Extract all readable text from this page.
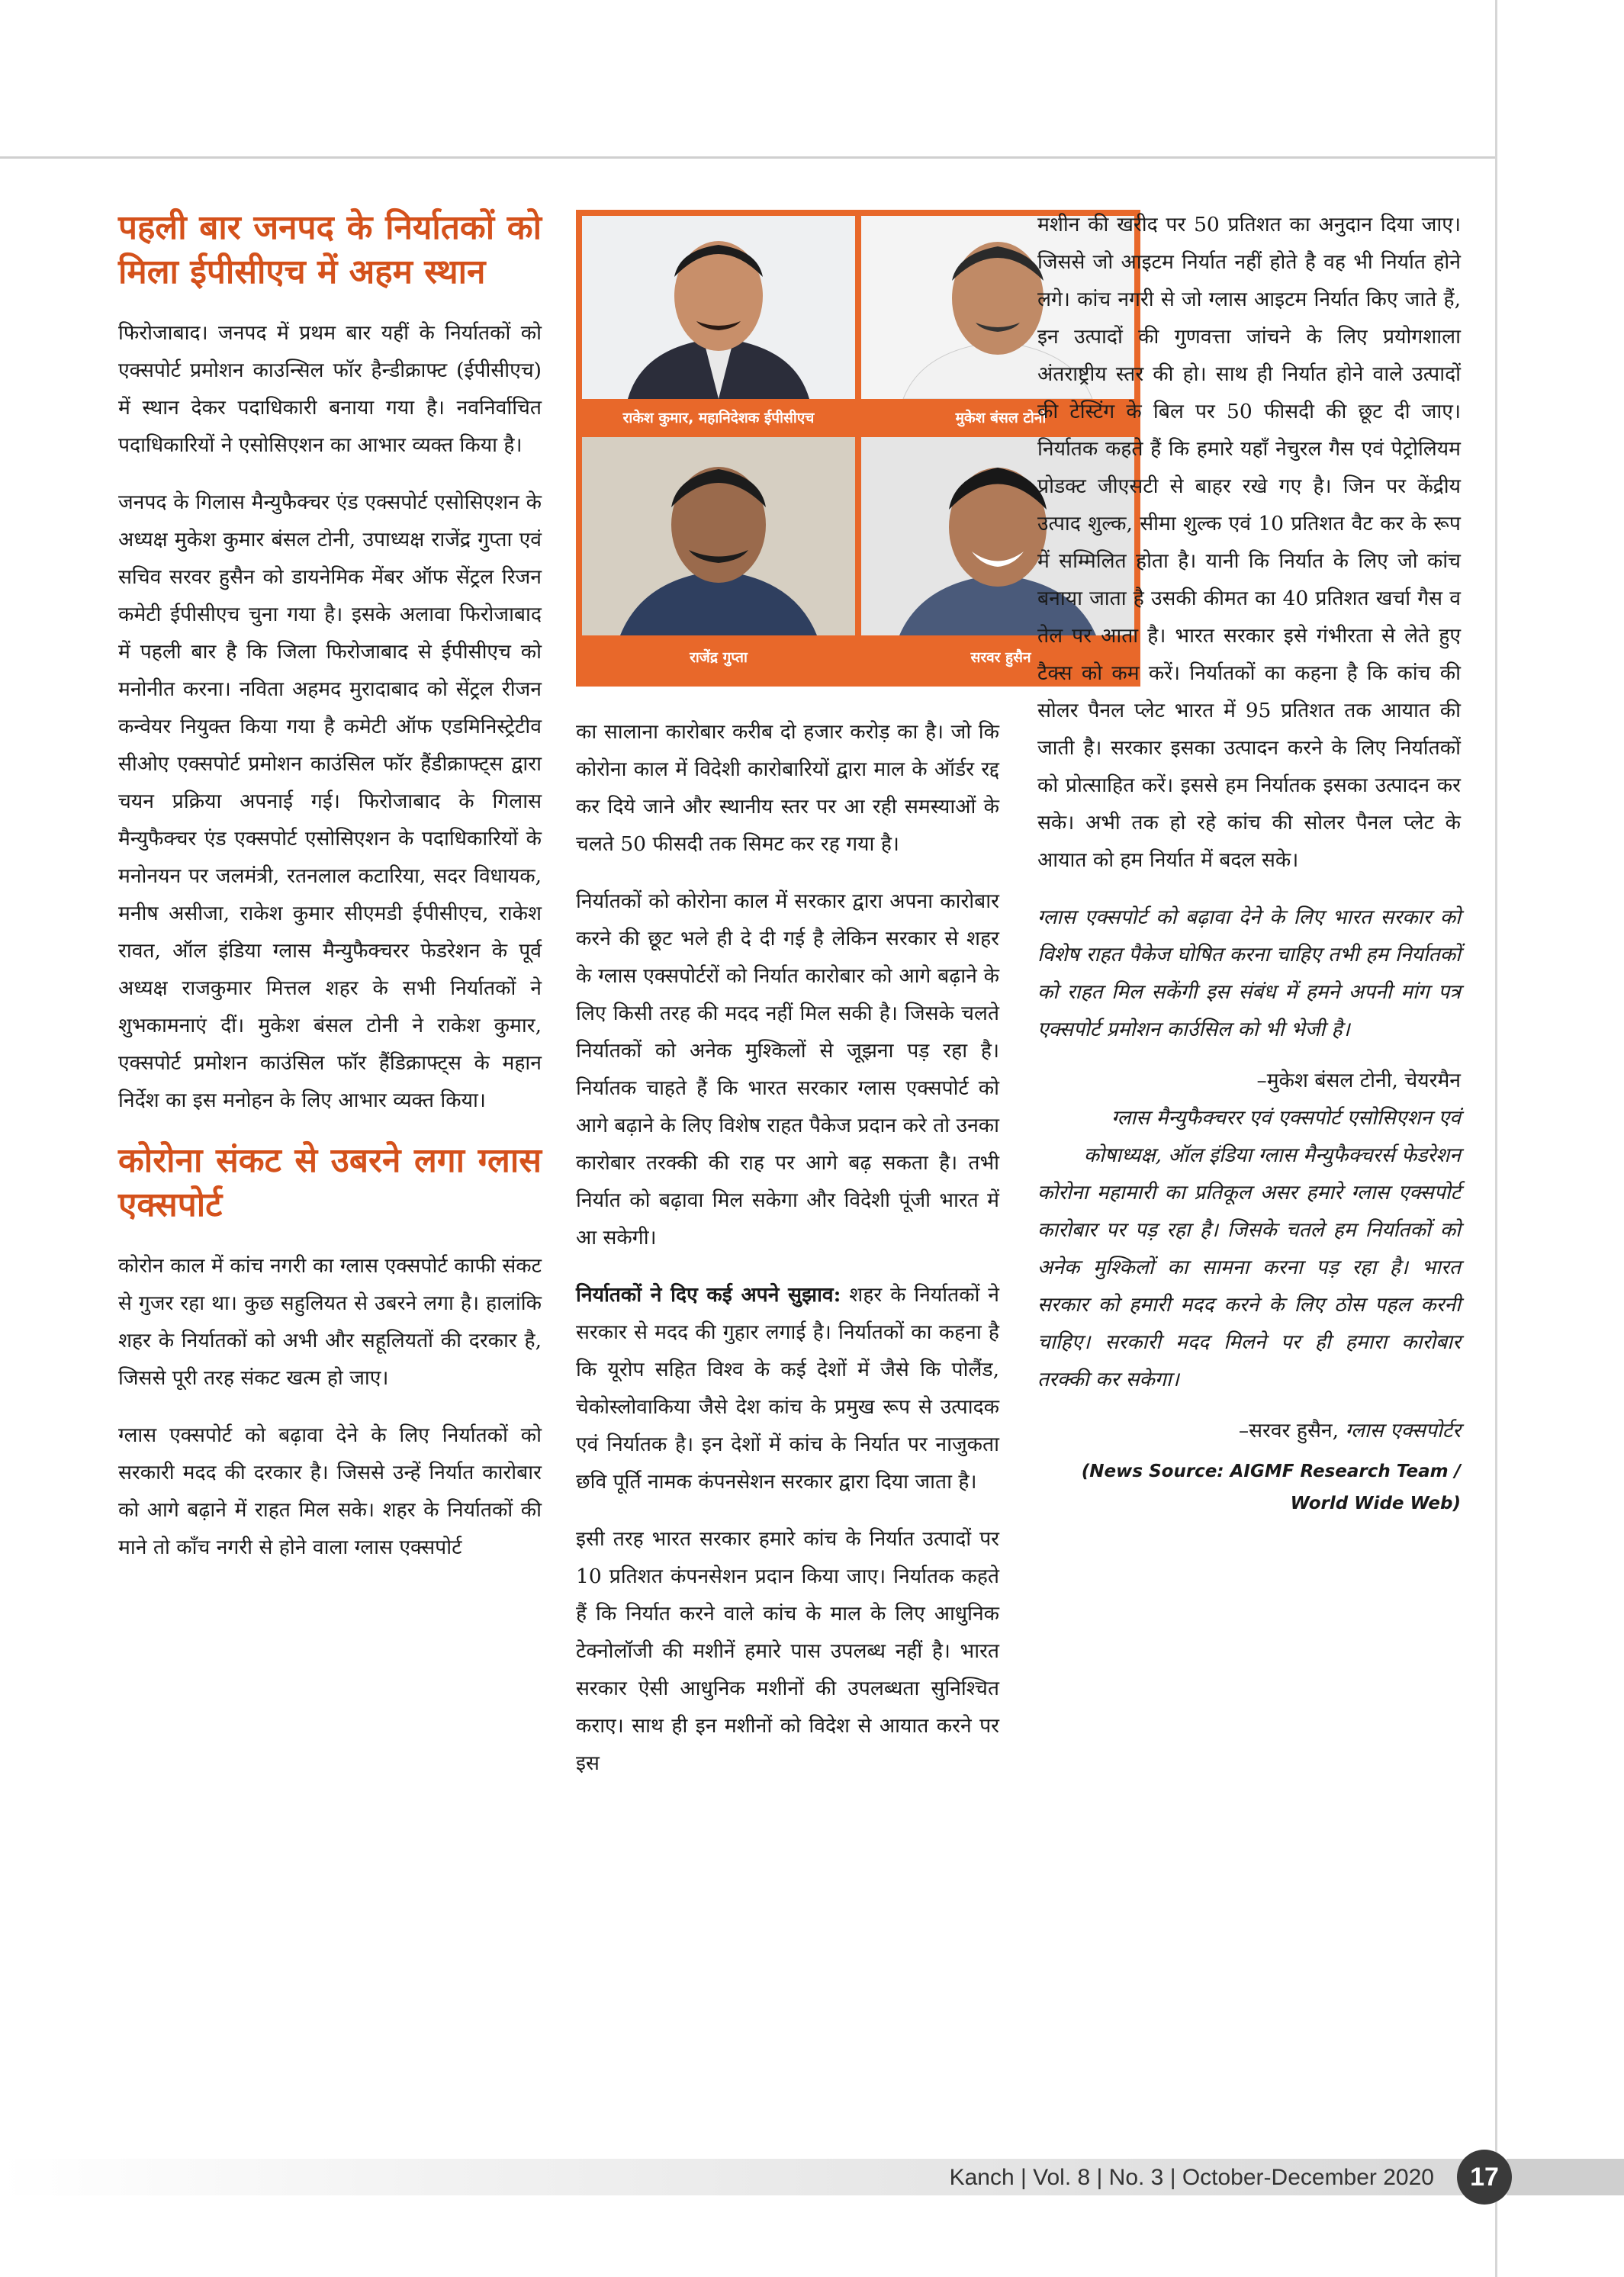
पहली बार जनपद के निर्यातकों को मिला ईपीसीएच में अहम स्थान

फिरोजाबाद। जनपद में प्रथम बार यहीं के निर्यातकों को एक्सपोर्ट प्रमोशन काउन्सिल फॉर हैन्डीक्राफ्ट (ईपीसीएच) में स्थान देकर पदाधिकारी बनाया गया है। नवनिर्वाचित पदाधिकारियों ने एसोसिएशन का आभार व्यक्त किया है।

जनपद के गिलास मैन्युफैक्चर एंड एक्सपोर्ट एसोसिएशन के अध्यक्ष मुकेश कुमार बंसल टोनी, उपाध्यक्ष राजेंद्र गुप्ता एवं सचिव सरवर हुसैन को डायनेमिक मेंबर ऑफ सेंट्रल रिजन कमेटी ईपीसीएच चुना गया है। इसके अलावा फिरोजाबाद में पहली बार है कि जिला फिरोजाबाद से ईपीसीएच को मनोनीत करना। नविता अहमद मुरादाबाद को सेंट्रल रीजन कन्वेयर नियुक्त किया गया है कमेटी ऑफ एडमिनिस्ट्रेटीव सीओए एक्सपोर्ट प्रमोशन काउंसिल फॉर हैंडीक्राफ्ट्स द्वारा चयन प्रक्रिया अपनाई गई। फिरोजाबाद के गिलास मैन्युफैक्चर एंड एक्सपोर्ट एसोसिएशन के पदाधिकारियों के मनोनयन पर जलमंत्री, रतनलाल कटारिया, सदर विधायक, मनीष असीजा, राकेश कुमार सीएमडी ईपीसीएच, राकेश रावत, ऑल इंडिया ग्लास मैन्युफैक्चरर फेडरेशन के पूर्व अध्यक्ष राजकुमार मित्तल शहर के सभी निर्यातकों ने शुभकामनाएं दीं। मुकेश बंसल टोनी ने राकेश कुमार, एक्सपोर्ट प्रमोशन काउंसिल फॉर हैंडिक्राफ्ट्स के महान निर्देश का इस मनोहन के लिए आभार व्यक्त किया।

कोरोना संकट से उबरने लगा ग्लास एक्सपोर्ट

कोरोन काल में कांच नगरी का ग्लास एक्सपोर्ट काफी संकट से गुजर रहा था। कुछ सहुलियत से उबरने लगा है। हालांकि शहर के निर्यातकों को अभी और सहूलियतों की दरकार है, जिससे पूरी तरह संकट खत्म हो जाए।

ग्लास एक्सपोर्ट को बढ़ावा देने के लिए निर्यातकों को सरकारी मदद की दरकार है। जिससे उन्हें निर्यात कारोबार को आगे बढ़ाने में राहत मिल सके। शहर के निर्यातकों की माने तो काँच नगरी से होने वाला ग्लास एक्सपोर्ट

राकेश कुमार, महानिदेशक ईपीसीएच	मुकेश बंसल टोनी
राजेंद्र गुप्ता	सरवर हुसैन

का सालाना कारोबार करीब दो हजार करोड़ का है। जो कि कोरोना काल में विदेशी कारोबारियों द्वारा माल के ऑर्डर रद्द कर दिये जाने और स्थानीय स्तर पर आ रही समस्याओं के चलते 50 फीसदी तक सिमट कर रह गया है।

निर्यातकों को कोरोना काल में सरकार द्वारा अपना कारोबार करने की छूट भले ही दे दी गई है लेकिन सरकार से शहर के ग्लास एक्सपोर्टरों को निर्यात कारोबार को आगे बढ़ाने के लिए किसी तरह की मदद नहीं मिल सकी है। जिसके चलते निर्यातकों को अनेक मुश्किलों से जूझना पड़ रहा है। निर्यातक चाहते हैं कि भारत सरकार ग्लास एक्सपोर्ट को आगे बढ़ाने के लिए विशेष राहत पैकेज प्रदान करे तो उनका कारोबार तरक्की की राह पर आगे बढ़ सकता है। तभी निर्यात को बढ़ावा मिल सकेगा और विदेशी पूंजी भारत में आ सकेगी।

निर्यातकों ने दिए कई अपने सुझाव: शहर के निर्यातकों ने सरकार से मदद की गुहार लगाई है। निर्यातकों का कहना है कि यूरोप सहित विश्व के कई देशों में जैसे कि पोलैंड, चेकोस्लोवाकिया जैसे देश कांच के प्रमुख रूप से उत्पादक एवं निर्यातक है। इन देशों में कांच के निर्यात पर नाजुकता छवि पूर्ति नामक कंपनसेशन सरकार द्वारा दिया जाता है।

इसी तरह भारत सरकार हमारे कांच के निर्यात उत्पादों पर 10 प्रतिशत कंपनसेशन प्रदान किया जाए। निर्यातक कहते हैं कि निर्यात करने वाले कांच के माल के लिए आधुनिक टेक्नोलॉजी की मशीनें हमारे पास उपलब्ध नहीं है। भारत सरकार ऐसी आधुनिक मशीनों की उपलब्धता सुनिश्चित कराए। साथ ही इन मशीनों को विदेश से आयात करने पर इस

मशीन की खरीद पर 50 प्रतिशत का अनुदान दिया जाए। जिससे जो आइटम निर्यात नहीं होते है वह भी निर्यात होने लगे। कांच नगरी से जो ग्लास आइटम निर्यात किए जाते हैं, इन उत्पादों की गुणवत्ता जांचने के लिए प्रयोगशाला अंतराष्ट्रीय स्तर की हो। साथ ही निर्यात होने वाले उत्पादों की टेस्टिंग के बिल पर 50 फीसदी की छूट दी जाए। निर्यातक कहते हैं कि हमारे यहाँ नेचुरल गैस एवं पेट्रोलियम प्रोडक्ट जीएसटी से बाहर रखे गए है। जिन पर केंद्रीय उत्पाद शुल्क, सीमा शुल्क एवं 10 प्रतिशत वैट कर के रूप में सम्मिलित होता है। यानी कि निर्यात के लिए जो कांच बनाया जाता है उसकी कीमत का 40 प्रतिशत खर्चा गैस व तेल पर आता है। भारत सरकार इसे गंभीरता से लेते हुए टैक्स को कम करें। निर्यातकों का कहना है कि कांच की सोलर पैनल प्लेट भारत में 95 प्रतिशत तक आयात की जाती है। सरकार इसका उत्पादन करने के लिए निर्यातकों को प्रोत्साहित करें। इससे हम निर्यातक इसका उत्पादन कर सके। अभी तक हो रहे कांच की सोलर पैनल प्लेट के आयात को हम निर्यात में बदल सके।

ग्लास एक्सपोर्ट को बढ़ावा देने के लिए भारत सरकार को विशेष राहत पैकेज घोषित करना चाहिए तभी हम निर्यातकों को राहत मिल सकेंगी इस संबंध में हमने अपनी मांग पत्र एक्सपोर्ट प्रमोशन कार्उसिल को भी भेजी है।

–मुकेश बंसल टोनी, चेयरमैन

ग्लास मैन्युफैक्चरर एवं एक्सपोर्ट एसोसिएशन एवं कोषाध्यक्ष, ऑल इंडिया ग्लास मैन्युफैक्चरर्स फेडरेशन

कोरोना महामारी का प्रतिकूल असर हमारे ग्लास एक्सपोर्ट कारोबार पर पड़ रहा है। जिसके चतले हम निर्यातकों को अनेक मुश्किलों का सामना करना पड़ रहा है। भारत सरकार को हमारी मदद करने के लिए ठोस पहल करनी चाहिए। सरकारी मदद मिलने पर ही हमारा कारोबार तरक्की कर सकेगा।

–सरवर हुसैन, ग्लास एक्सपोर्टर

(News Source: AIGMF Research Team / World Wide Web)
Kanch | Vol. 8 | No. 3 | October-December 2020	17
